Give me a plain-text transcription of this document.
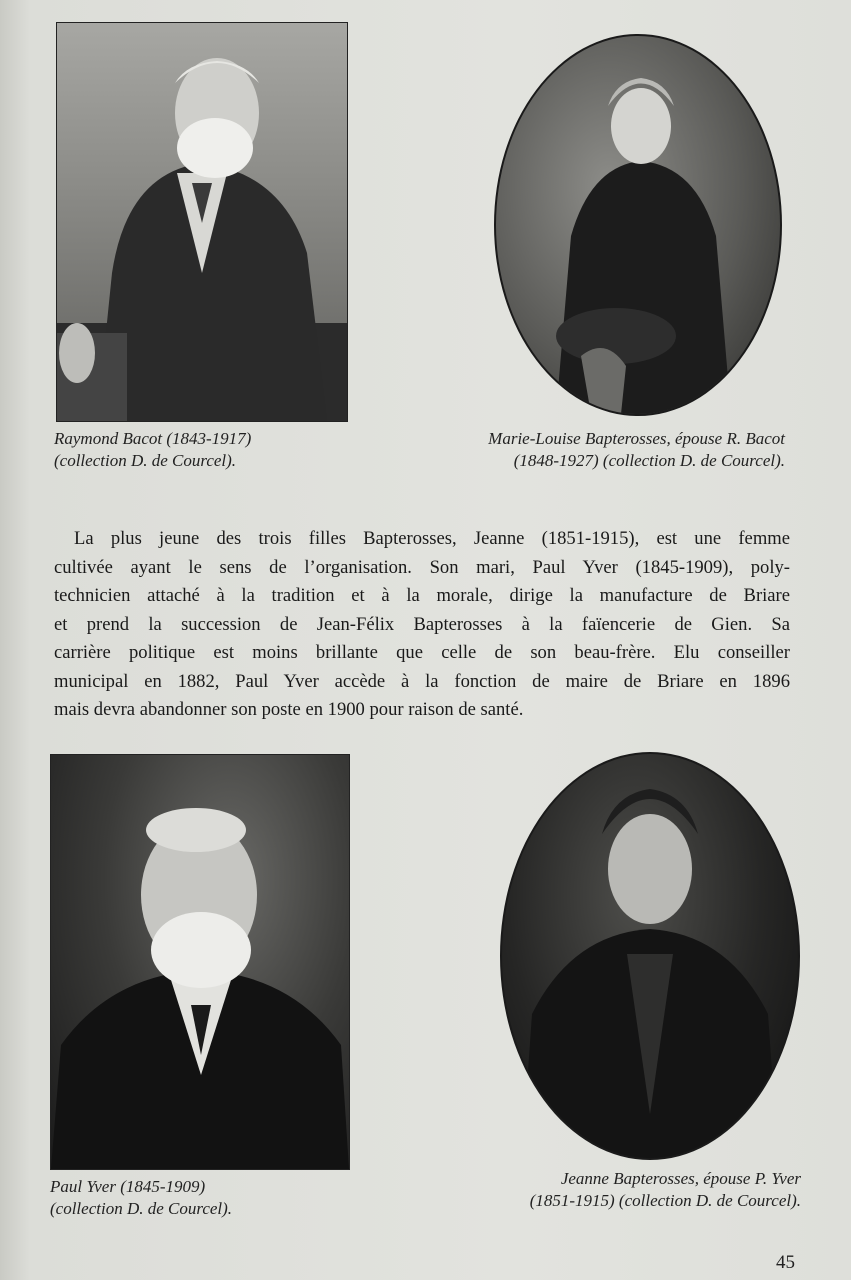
Raymond Bacot (1843-1917)
(collection D. de Courcel).
Marie-Louise Bapterosses, épouse R. Bacot
(1848-1927) (collection D. de Courcel).
La plus jeune des trois filles Bapterosses, Jeanne (1851-1915), est une femme
cultivée ayant le sens de l’organisation. Son mari, Paul Yver (1845-1909), poly-
technicien attaché à la tradition et à la morale, dirige la manufacture de Briare
et prend la succession de Jean-Félix Bapterosses à la faïencerie de Gien. Sa
carrière politique est moins brillante que celle de son beau-frère. Elu conseiller
municipal en 1882, Paul Yver accède à la fonction de maire de Briare en 1896
mais devra abandonner son poste en 1900 pour raison de santé.
Paul Yver (1845-1909)
(collection D. de Courcel).
Jeanne Bapterosses, épouse P. Yver
(1851-1915) (collection D. de Courcel).
45
